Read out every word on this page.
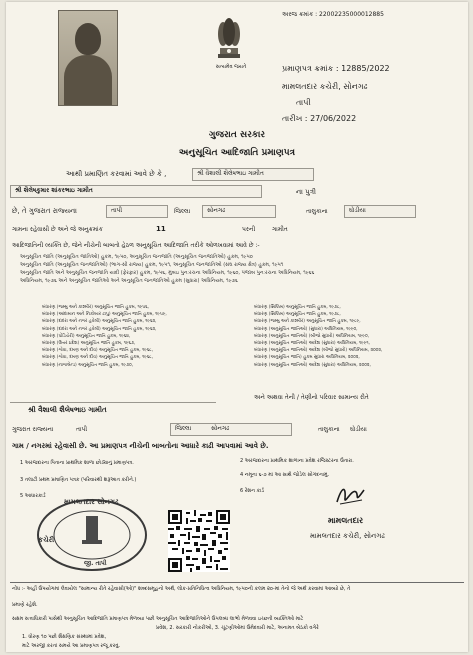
સત્યમેવ જયતે
અરજ ક્રમાંક : 22002235000012885
પ્રમાણપત્ર ક્રમાંક : 12885/2022
મામલતદાર કચેરી, સોનગઢ
તાપી
તારીખ : 27/06/2022
ગુજરાત સરકાર
અનુસૂચિત આદિજાતિ પ્રમાણપત્ર
આથી પ્રમાણિત કરવામાં આવે છે કે ,	શ્રી વૈશાલી શૈલેષભાઇ ગામીત
શ્રી શૈલેષકુમાર શાંકરભાઇ ગામીત	ના પુત્રી
છે, તે ગુજરાત રાજ્યના	તાપી	જિલ્લા	સોનગઢ	તાલુકાના	ઘોડીયા
ગામના રહેવાસી છે અને જે અનુક્રમાંક	11	પરની	ગામીત
આદિજાતિની વ્યક્તિ છે, જેને નીચેની બાબતો હેઠળ અનુસૂચિત આદિજાતિ તરીકે ઓળખવામાં આવે છે :-
અનુસૂચિત જાતિ (અનુસૂચિત જાતિઓ) હુકમ, ૧૯૫૦, અનુસૂચિત જનજાતિ (અનુસૂચિત જનજાતિઓ) હુકમ, ૧૯૫૦
અનુસૂચિત જાતિ (અનુસૂચિત જનજાતિઓ) (ભાગ-સી રાજ્ય) હુકમ, ૧૯૫૧, અનુસૂચિત જનજાતિઓ (સંઘ રાજ્ય ક્ષેત્ર) હુકમ, ૧૯૫૧
અનુસૂચિત જાતિ અને અનુસૂચિત જનજાતિ યાદી (ફેરફાર) હુકમ, ૧૯૫૬, મુંબઇ પુનઃરચના અધિનિયમ, ૧૯૬૦, પંજાબ પુનઃરચના અધિનિયમ, ૧૯૬૬
અધિનિયમ, ૧૯૭૬ અને અનુસૂચિત જાતિઓ અને અનુસૂચિત જનજાતિઓ હુકમ (સુધારા) અધિનિયમ, ૧૯૭૬
બંધારણ (જમ્મુ અને કાશ્મીર) અનુસૂચિત જાતિ હુકમ, ૧૯૫૬,
બંધારણ (આંદામાન અને નિકોબાર ટાપુ) અનુસૂચિત જાતિ હુકમ, ૧૯૫૯,
બંધારણ (દાદરા અને નગર હવેલી) અનુસૂચિત જાતિ હુકમ, ૧૯૬૨,
બંધારણ (દાદરા અને નગર હવેલી) અનુસૂચિત જાતિ હુકમ, ૧૯૬૨,
બંધારણ (પોંડિચેરી) અનુસૂચિત જાતિ હુકમ, ૧૯૬૪,
બંધારણ (ઉત્તર પ્રદેશ) અનુસૂચિત જાતિ હુકમ, ૧૯૬૭,
બંધારણ (ગોવા, દમણ અને દીવ) અનુસૂચિત જાતિ હુકમ, ૧૯૬૮,
બંધારણ (ગોવા, દમણ અને દીવ) અનુસૂચિત જાતિ હુકમ, ૧૯૬૮,
બંધારણ (નાગાલેન્ડ) અનુસૂચિત જાતિ હુકમ, ૧૯૭૦,
બંધારણ (સિક્કિમ) અનુસૂચિત જાતિ હુકમ, ૧૯૭૮,
બંધારણ (સિક્કિમ) અનુસૂચિત જાતિ હુકમ, ૧૯૭૮,
બંધારણ (જમ્મુ અને કાશ્મીર) અનુસૂચિત જાતિ હુકમ, ૧૯૮૯,
બંધારણ (અનુસૂચિત જાતિઓ) (સુધારા) અધિનિયમ, ૧૯૯૦,
બંધારણ (અનુસૂચિત જાતિઓ) (બીજો સુધારો) અધિનિયમ, ૧૯૯૦,
બંધારણ (અનુસૂચિત જાતિઓ) આદેશ (સુધારા) અધિનિયમ, ૧૯૯૧,
બંધારણ (અનુસૂચિત જાતિઓ) આદેશ (બીજો સુધારો) અધિનિયમ, ૨૦૦૨,
બંધારણ (અનુસૂચિત જાતિ) હુકમ સુધારા અધિનિયમ, ૨૦૦૨,
બંધારણ (અનુસૂચિત જાતિઓ) આદેશ (સુધારા) અધિનિયમ, ૨૦૦૨,
અને અથવા તેની / તેણીનો પરિવાર સામાન્ય રીતે
શ્રી વૈશાલી શૈલેષભાઇ ગામીત
ગુજરાત રાજ્યના	તાપી	જિલ્લા	સોનગઢ	તાલુકાના ઘોડીયા
ગામ / નગરમાં રહેવાસી છે. આ પ્રમાણપત્ર નીચેની બાબતોના આધારે કાઢી આપવામાં આવે છે.
1 અરજદારના પિતાના પ્રાથમિક શાળા છોડ્યાનું પ્રમાણપત્ર.	2 અરજદારના પ્રાથમિક શાળાના પ્રવેશ રજિસ્ટરના ઉતારા.
3 તલાટી પ્રથમ પ્રમાણિત પત્રક (પરિવારથી શરૂઆત કરીને.)
4 નમૂના ૬-૭ માં આ સાથે જોડેલ સોગંદનામું.
5 આધારકાર્ડ
6 રેશન કાર્ડ
મામલતદાર સોનગઢ
કચેરી
જી. તાપી
મામલતદાર
મામલતદાર કચેરી, સોનગઢ
નોંધ :- અહીં ઉપયોગમાં લેવાયેલ "સામાન્ય રીતે રહેવાસી(ઓ)" શબ્દસમૂહનો અર્થ, લોક-પ્રતિનિધિત્વ અધિનિયમ, ૧૯૫૦ની કલમ ૨૦-માં તેનો જે અર્થ કરવામાં આવ્યો છે, તે
પ્રમાણે રહેશે.
સક્ષમ સત્તાધિકારી પાસેથી અનુસૂચિત આદિજાતિ પ્રમાણપત્ર મેળવ્યા પછી અનુસૂચિત આદિજાતિઓને ઉપલબ્ધ લાભો મેળવવા ઇચ્છતી વ્યક્તિઓ માટે
પ્રવેશ, 2. સરકારી નોકરીઓ, 3. ચૂંટણીઓમાં ઉમેદવારી માટે, અનામત બેઠકો વગેરે
1. ધોરણ ૧૦ પછી શૈક્ષણિક સંસ્થામાં પ્રવેશ,
માટે અરજી કરતાં સમયે આ પ્રમાણપત્ર રજૂ કરવું.
